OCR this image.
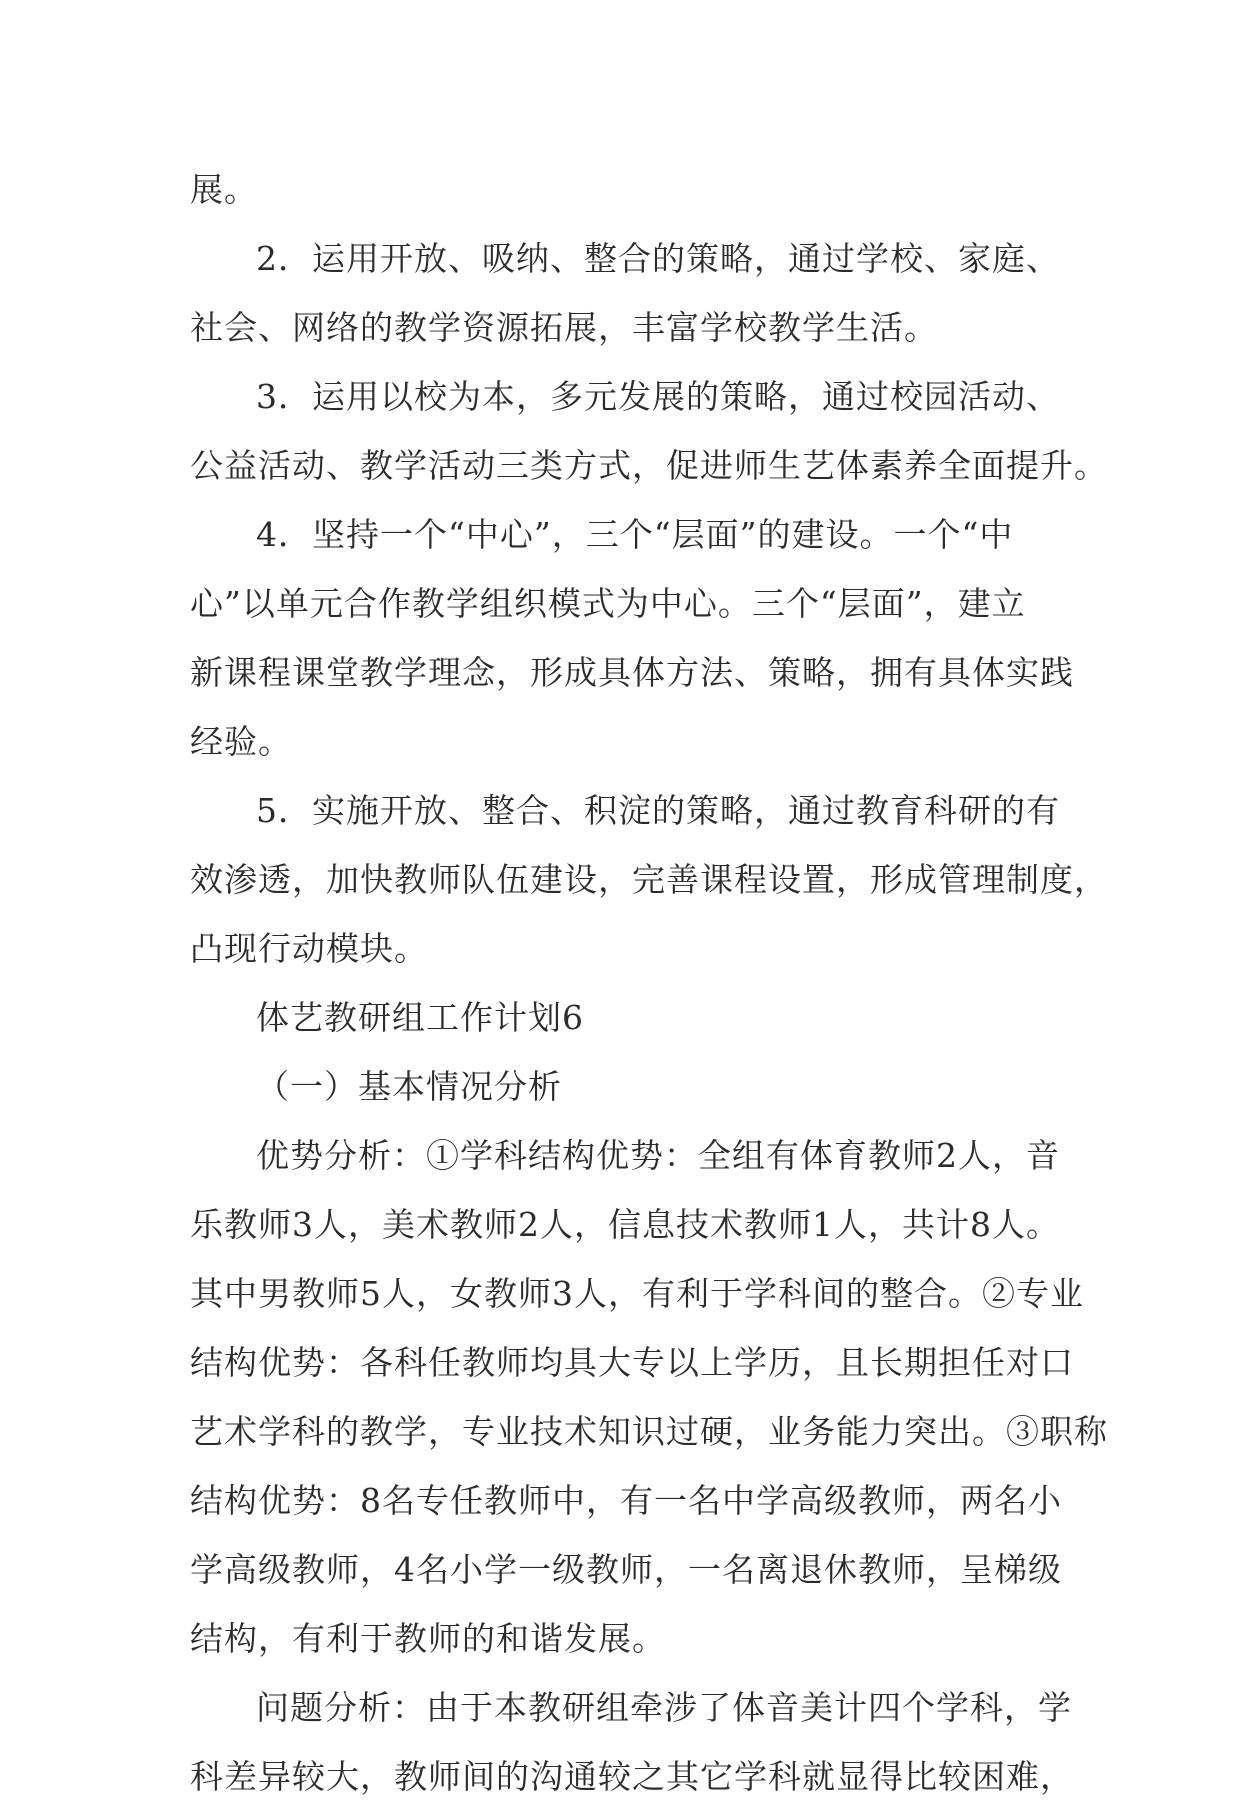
展。
2．运用开放、吸纳、整合的策略，通过学校、家庭、
社会、网络的教学资源拓展，丰富学校教学生活。
3．运用以校为本，多元发展的策略，通过校园活动、
公益活动、教学活动三类方式，促进师生艺体素养全面提升。
4．坚持一个“中心”，三个“层面”的建设。一个“中
心”以单元合作教学组织模式为中心。三个“层面”，建立
新课程课堂教学理念，形成具体方法、策略，拥有具体实践
经验。
5．实施开放、整合、积淀的策略，通过教育科研的有
效渗透，加快教师队伍建设，完善课程设置，形成管理制度，
凸现行动模块。
体艺教研组工作计划6
（一）基本情况分析
优势分析：①学科结构优势：全组有体育教师2人，音
乐教师3人，美术教师2人，信息技术教师1人，共计8人。
其中男教师5人，女教师3人，有利于学科间的整合。②专业
结构优势：各科任教师均具大专以上学历，且长期担任对口
艺术学科的教学，专业技术知识过硬，业务能力突出。③职称
结构优势：8名专任教师中，有一名中学高级教师，两名小
学高级教师，4名小学一级教师，一名离退休教师，呈梯级
结构，有利于教师的和谐发展。
问题分析：由于本教研组牵涉了体音美计四个学科，学
科差异较大，教师间的沟通较之其它学科就显得比较困难，
